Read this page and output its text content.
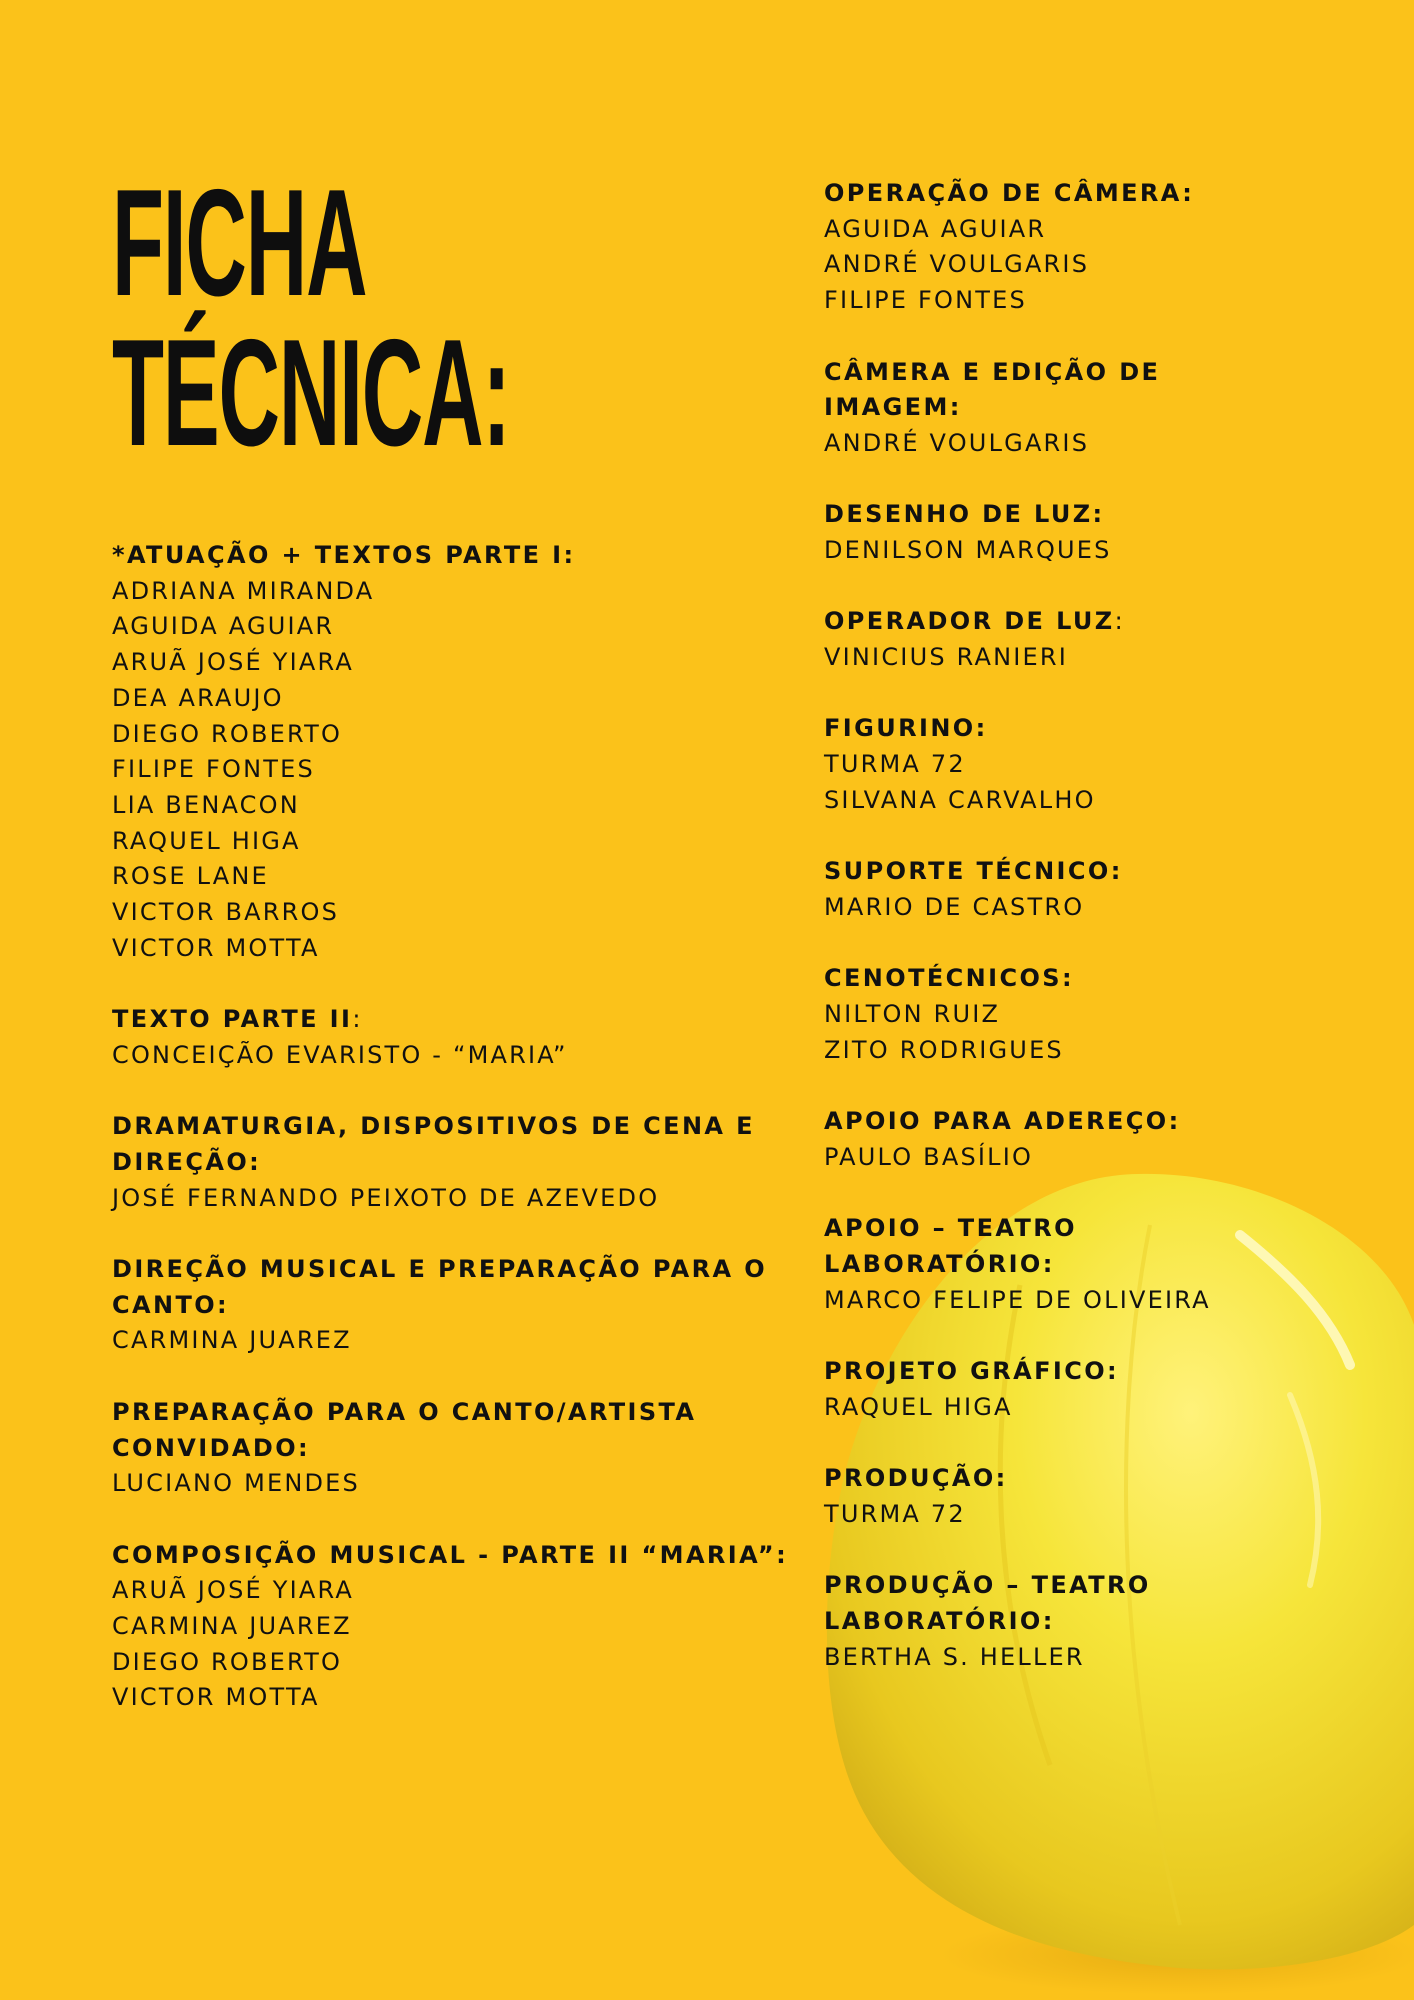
FICHA
TÉCNICA:
*ATUAÇÃO + TEXTOS PARTE I:
ADRIANA MIRANDA
AGUIDA AGUIAR
ARUÃ JOSÉ YIARA
DEA ARAUJO
DIEGO ROBERTO
FILIPE FONTES
LIA BENACON
RAQUEL HIGA
ROSE LANE
VICTOR BARROS
VICTOR MOTTA
TEXTO PARTE II:
CONCEIÇÃO EVARISTO - “MARIA”
DRAMATURGIA, DISPOSITIVOS DE CENA E
DIREÇÃO:
JOSÉ FERNANDO PEIXOTO DE AZEVEDO
DIREÇÃO MUSICAL E PREPARAÇÃO PARA O
CANTO:
CARMINA JUAREZ
PREPARAÇÃO PARA O CANTO/ARTISTA
CONVIDADO:
LUCIANO MENDES
COMPOSIÇÃO MUSICAL - PARTE II “MARIA”:
ARUÃ JOSÉ YIARA
CARMINA JUAREZ
DIEGO ROBERTO
VICTOR MOTTA
OPERAÇÃO DE CÂMERA:
AGUIDA AGUIAR
ANDRÉ VOULGARIS
FILIPE FONTES
CÂMERA E EDIÇÃO DE
IMAGEM:
ANDRÉ VOULGARIS
DESENHO DE LUZ:
DENILSON MARQUES
OPERADOR DE LUZ:
VINICIUS RANIERI
FIGURINO:
TURMA 72
SILVANA CARVALHO
SUPORTE TÉCNICO:
MARIO DE CASTRO
CENOTÉCNICOS:
NILTON RUIZ
ZITO RODRIGUES
APOIO PARA ADEREÇO:
PAULO BASÍLIO
APOIO – TEATRO
LABORATÓRIO:
MARCO FELIPE DE OLIVEIRA
PROJETO GRÁFICO:
RAQUEL HIGA
PRODUÇÃO:
TURMA 72
PRODUÇÃO – TEATRO
LABORATÓRIO:
BERTHA S. HELLER
